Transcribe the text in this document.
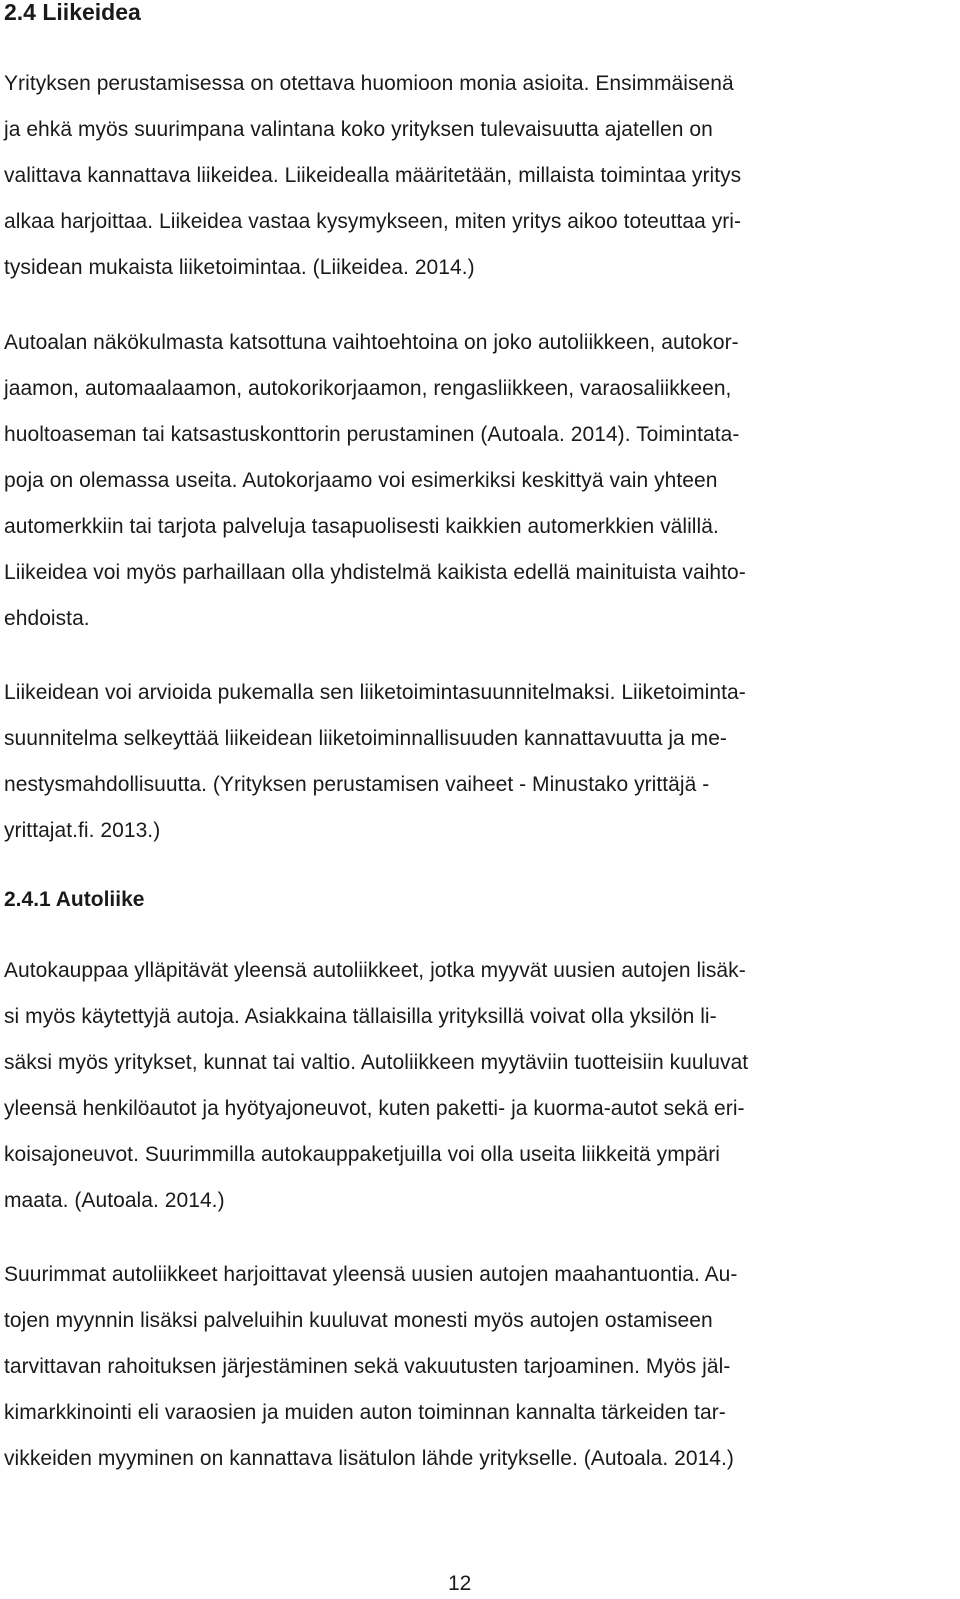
2.4 Liikeidea

Yrityksen perustamisessa on otettava huomioon monia asioita. Ensimmäisenä

ja ehkä myös suurimpana valintana koko yrityksen tulevaisuutta ajatellen on

valittava kannattava liikeidea. Liikeidealla määritetään, millaista toimintaa yritys

alkaa harjoittaa. Liikeidea vastaa kysymykseen, miten yritys aikoo toteuttaa yri-

tysidean mukaista liiketoimintaa. (Liikeidea. 2014.)

Autoalan näkökulmasta katsottuna vaihtoehtoina on joko autoliikkeen, autokor-

jaamon, automaalaamon, autokorikorjaamon, rengasliikkeen, varaosaliikkeen,

huoltoaseman tai katsastuskonttorin perustaminen (Autoala. 2014). Toimintata-

poja on olemassa useita. Autokorjaamo voi esimerkiksi keskittyä vain yhteen

automerkkiin tai tarjota palveluja tasapuolisesti kaikkien automerkkien välillä.

Liikeidea voi myös parhaillaan olla yhdistelmä kaikista edellä mainituista vaihto-

ehdoista.

Liikeidean voi arvioida pukemalla sen liiketoimintasuunnitelmaksi. Liiketoiminta-

suunnitelma selkeyttää liikeidean liiketoiminnallisuuden kannattavuutta ja me-

nestysmahdollisuutta. (Yrityksen perustamisen vaiheet - Minustako yrittäjä -

yrittajat.fi. 2013.)

2.4.1 Autoliike

Autokauppaa ylläpitävät yleensä autoliikkeet, jotka myyvät uusien autojen lisäk-

si myös käytettyjä autoja. Asiakkaina tällaisilla yrityksillä voivat olla yksilön li-

säksi myös yritykset, kunnat tai valtio. Autoliikkeen myytäviin tuotteisiin kuuluvat

yleensä henkilöautot ja hyötyajoneuvot, kuten paketti- ja kuorma-autot sekä eri-

koisajoneuvot. Suurimmilla autokauppaketjuilla voi olla useita liikkeitä ympäri

maata. (Autoala. 2014.)

Suurimmat autoliikkeet harjoittavat yleensä uusien autojen maahantuontia. Au-

tojen myynnin lisäksi palveluihin kuuluvat monesti myös autojen ostamiseen

tarvittavan rahoituksen järjestäminen sekä vakuutusten tarjoaminen. Myös jäl-

kimarkkinointi eli varaosien ja muiden auton toiminnan kannalta tärkeiden tar-

vikkeiden myyminen on kannattava lisätulon lähde yritykselle. (Autoala. 2014.)

12
